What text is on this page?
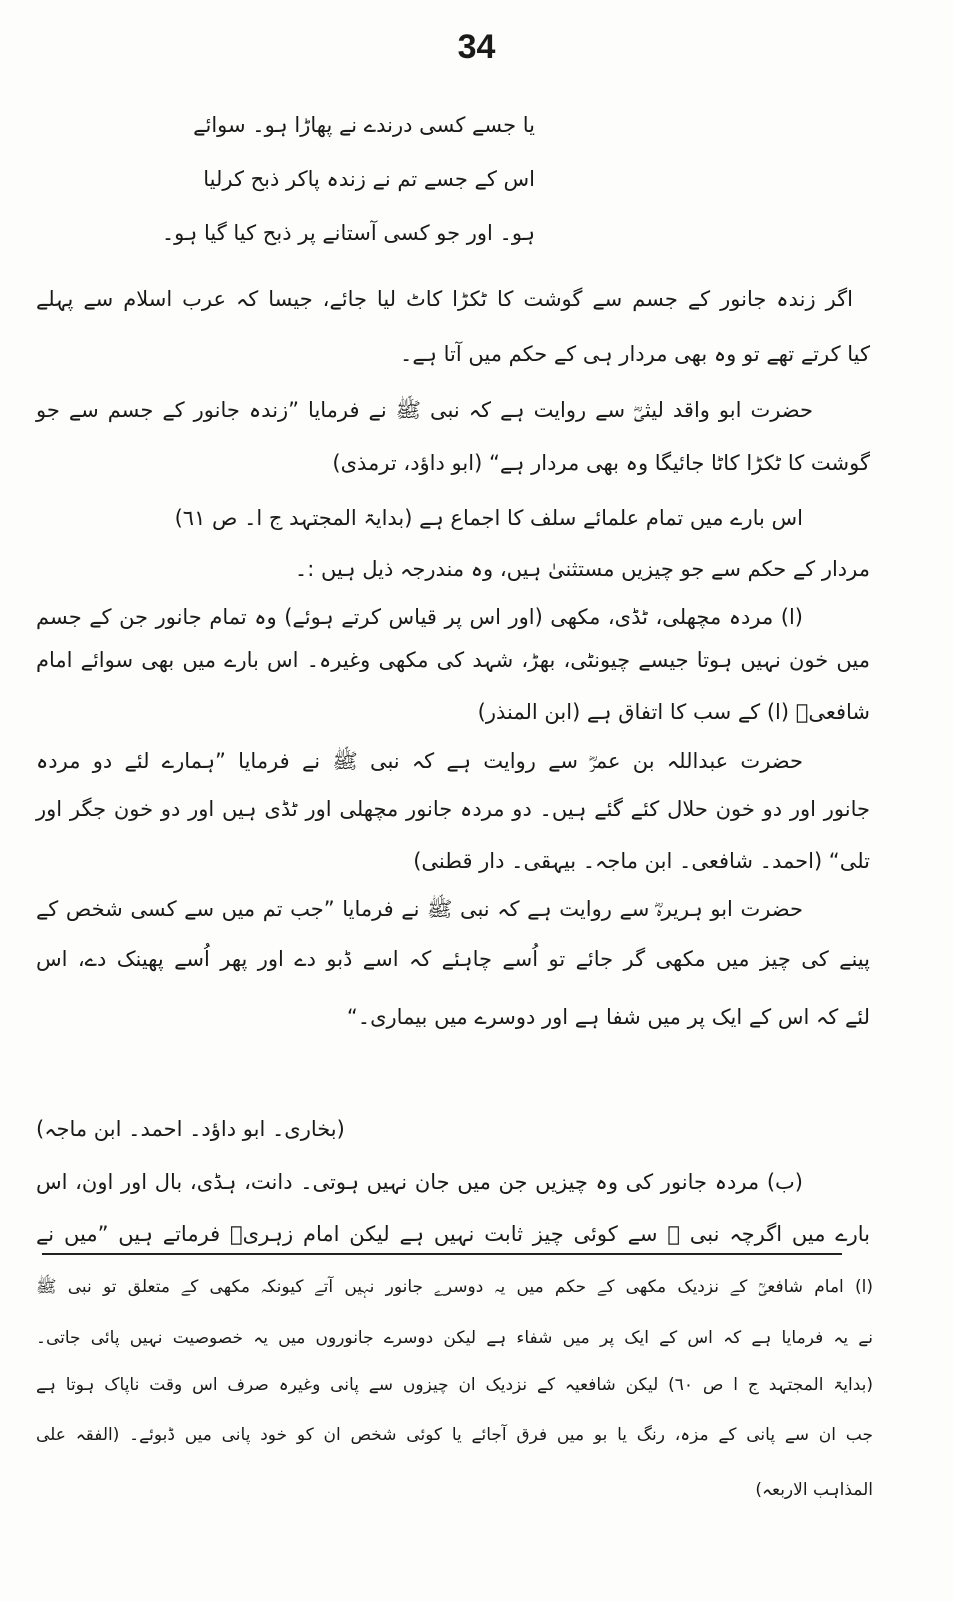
34
یا جسے کسی درندے نے پھاڑا ہو۔ سوائے
اس کے جسے تم نے زندہ پاکر ذبح کرلیا
ہو۔ اور جو کسی آستانے پر ذبح کیا گیا ہو۔
اگر زندہ جانور کے جسم سے گوشت کا ٹکڑا کاٹ لیا جائے، جیسا کہ عرب اسلام سے پہلے
کیا کرتے تھے تو وہ بھی مردار ہی کے حکم میں آتا ہے۔
حضرت ابو واقد لیثیؓ سے روایت ہے کہ نبی ﷺ نے فرمایا ”زندہ جانور کے جسم سے جو
گوشت کا ٹکڑا کاٹا جائیگا وہ بھی مردار ہے“ (ابو داؤد، ترمذی)
اس بارے میں تمام علمائے سلف کا اجماع ہے (بدایۃ المجتہد ج ا۔ ص ٦١)
مردار کے حکم سے جو چیزیں مستثنیٰ ہیں، وہ مندرجہ ذیل ہیں :۔
(ا) مردہ مچھلی، ٹڈی، مکھی (اور اس پر قیاس کرتے ہوئے) وہ تمام جانور جن کے جسم
میں خون نہیں ہوتا جیسے چیونٹی، بھڑ، شہد کی مکھی وغیرہ۔ اس بارے میں بھی سوائے امام
شافعیؒ (ا) کے سب کا اتفاق ہے (ابن المنذر)
حضرت عبداللہ بن عمرؓ سے روایت ہے کہ نبی ﷺ نے فرمایا ”ہمارے لئے دو مردہ
جانور اور دو خون حلال کئے گئے ہیں۔ دو مردہ جانور مچھلی اور ٹڈی ہیں اور دو خون جگر اور
تلی“ (احمد۔ شافعی۔ ابن ماجہ۔ بیہقی۔ دار قطنی)
حضرت ابو ہریرہؓ سے روایت ہے کہ نبی ﷺ نے فرمایا ”جب تم میں سے کسی شخص کے
پینے کی چیز میں مکھی گر جائے تو اُسے چاہئے کہ اسے ڈبو دے اور پھر اُسے پھینک دے، اس
لئے کہ اس کے ایک پر میں شفا ہے اور دوسرے میں بیماری۔“
(بخاری۔ ابو داؤد۔ احمد۔ ابن ماجہ)
(ب) مردہ جانور کی وہ چیزیں جن میں جان نہیں ہوتی۔ دانت، ہڈی، بال اور اون، اس
بارے میں اگرچہ نبی ﷺ سے کوئی چیز ثابت نہیں ہے لیکن امام زہریؒ فرماتے ہیں ”میں نے
(ا) امام شافعیؒ کے نزدیک مکھی کے حکم میں یہ دوسرے جانور نہیں آتے کیونکہ مکھی کے متعلق تو نبی ﷺ
نے یہ فرمایا ہے کہ اس کے ایک پر میں شفاء ہے لیکن دوسرے جانوروں میں یہ خصوصیت نہیں پائی جاتی۔
(بدایۃ المجتہد ج ا ص ٦٠) لیکن شافعیہ کے نزدیک ان چیزوں سے پانی وغیرہ صرف اس وقت ناپاک ہوتا ہے
جب ان سے پانی کے مزہ، رنگ یا بو میں فرق آجائے یا کوئی شخص ان کو خود پانی میں ڈبوئے۔ (الفقہ علی
المذاہب الاربعہ)
